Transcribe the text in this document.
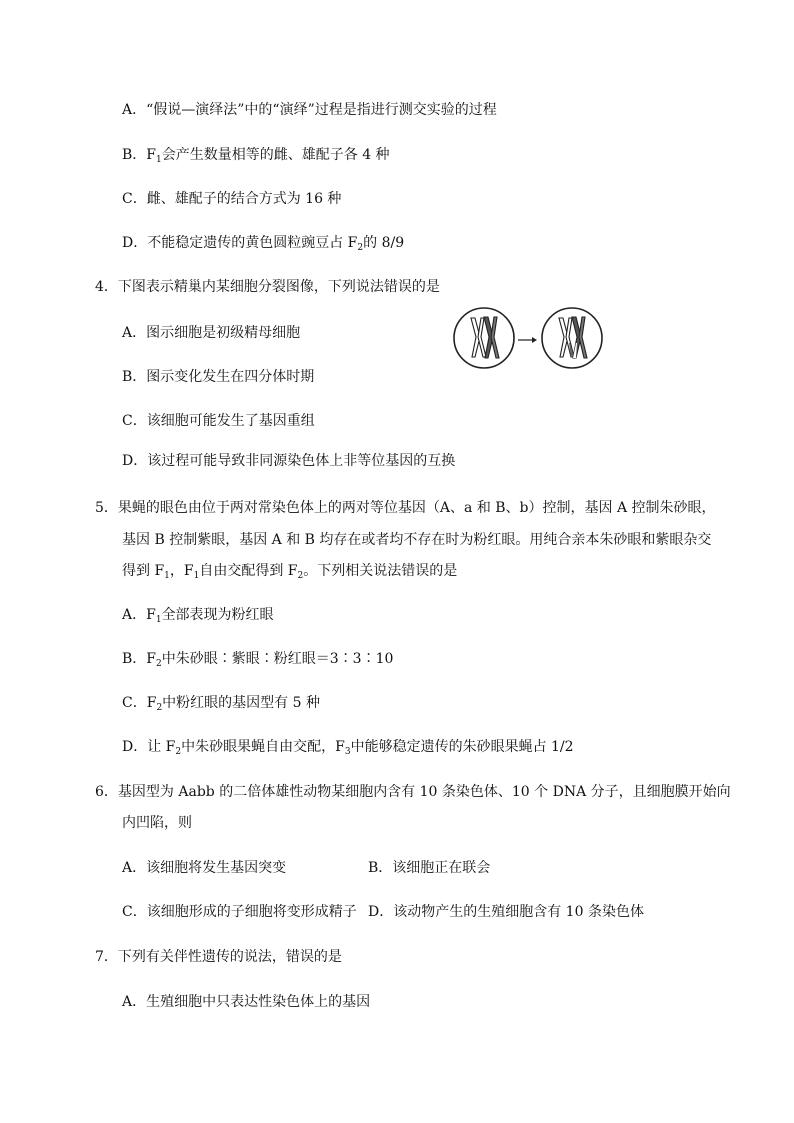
A．“假说—演绎法”中的“演绎”过程是指进行测交实验的过程
B．$F_1$会产生数量相等的雌、雄配子各 4 种
C．雌、雄配子的结合方式为 16 种
D．不能稳定遗传的黄色圆粒豌豆占 $F_2$的 8/9
4．下图表示精巢内某细胞分裂图像，下列说法错误的是
A．图示细胞是初级精母细胞
B．图示变化发生在四分体时期
C．该细胞可能发生了基因重组
D．该过程可能导致非同源染色体上非等位基因的互换
5．果蝇的眼色由位于两对常染色体上的两对等位基因（A、a 和 B、b）控制，基因 A 控制朱砂眼，
基因 B 控制紫眼，基因 A 和 B 均存在或者均不存在时为粉红眼。用纯合亲本朱砂眼和紫眼杂交
得到 $F_1$，$F_1$自由交配得到 $F_2$。下列相关说法错误的是
A．$F_1$全部表现为粉红眼
B．$F_2$中朱砂眼∶紫眼∶粉红眼＝3∶3∶10
C．$F_2$中粉红眼的基因型有 5 种
D．让 $F_2$中朱砂眼果蝇自由交配，$F_3$中能够稳定遗传的朱砂眼果蝇占 1/2
6．基因型为 Aabb 的二倍体雄性动物某细胞内含有 10 条染色体、10 个 DNA 分子，且细胞膜开始向
内凹陷，则
A．该细胞将发生基因突变	B．该细胞正在联会
C．该细胞形成的子细胞将变形成精子 D．该动物产生的生殖细胞含有 10 条染色体
7．下列有关伴性遗传的说法，错误的是
A．生殖细胞中只表达性染色体上的基因
